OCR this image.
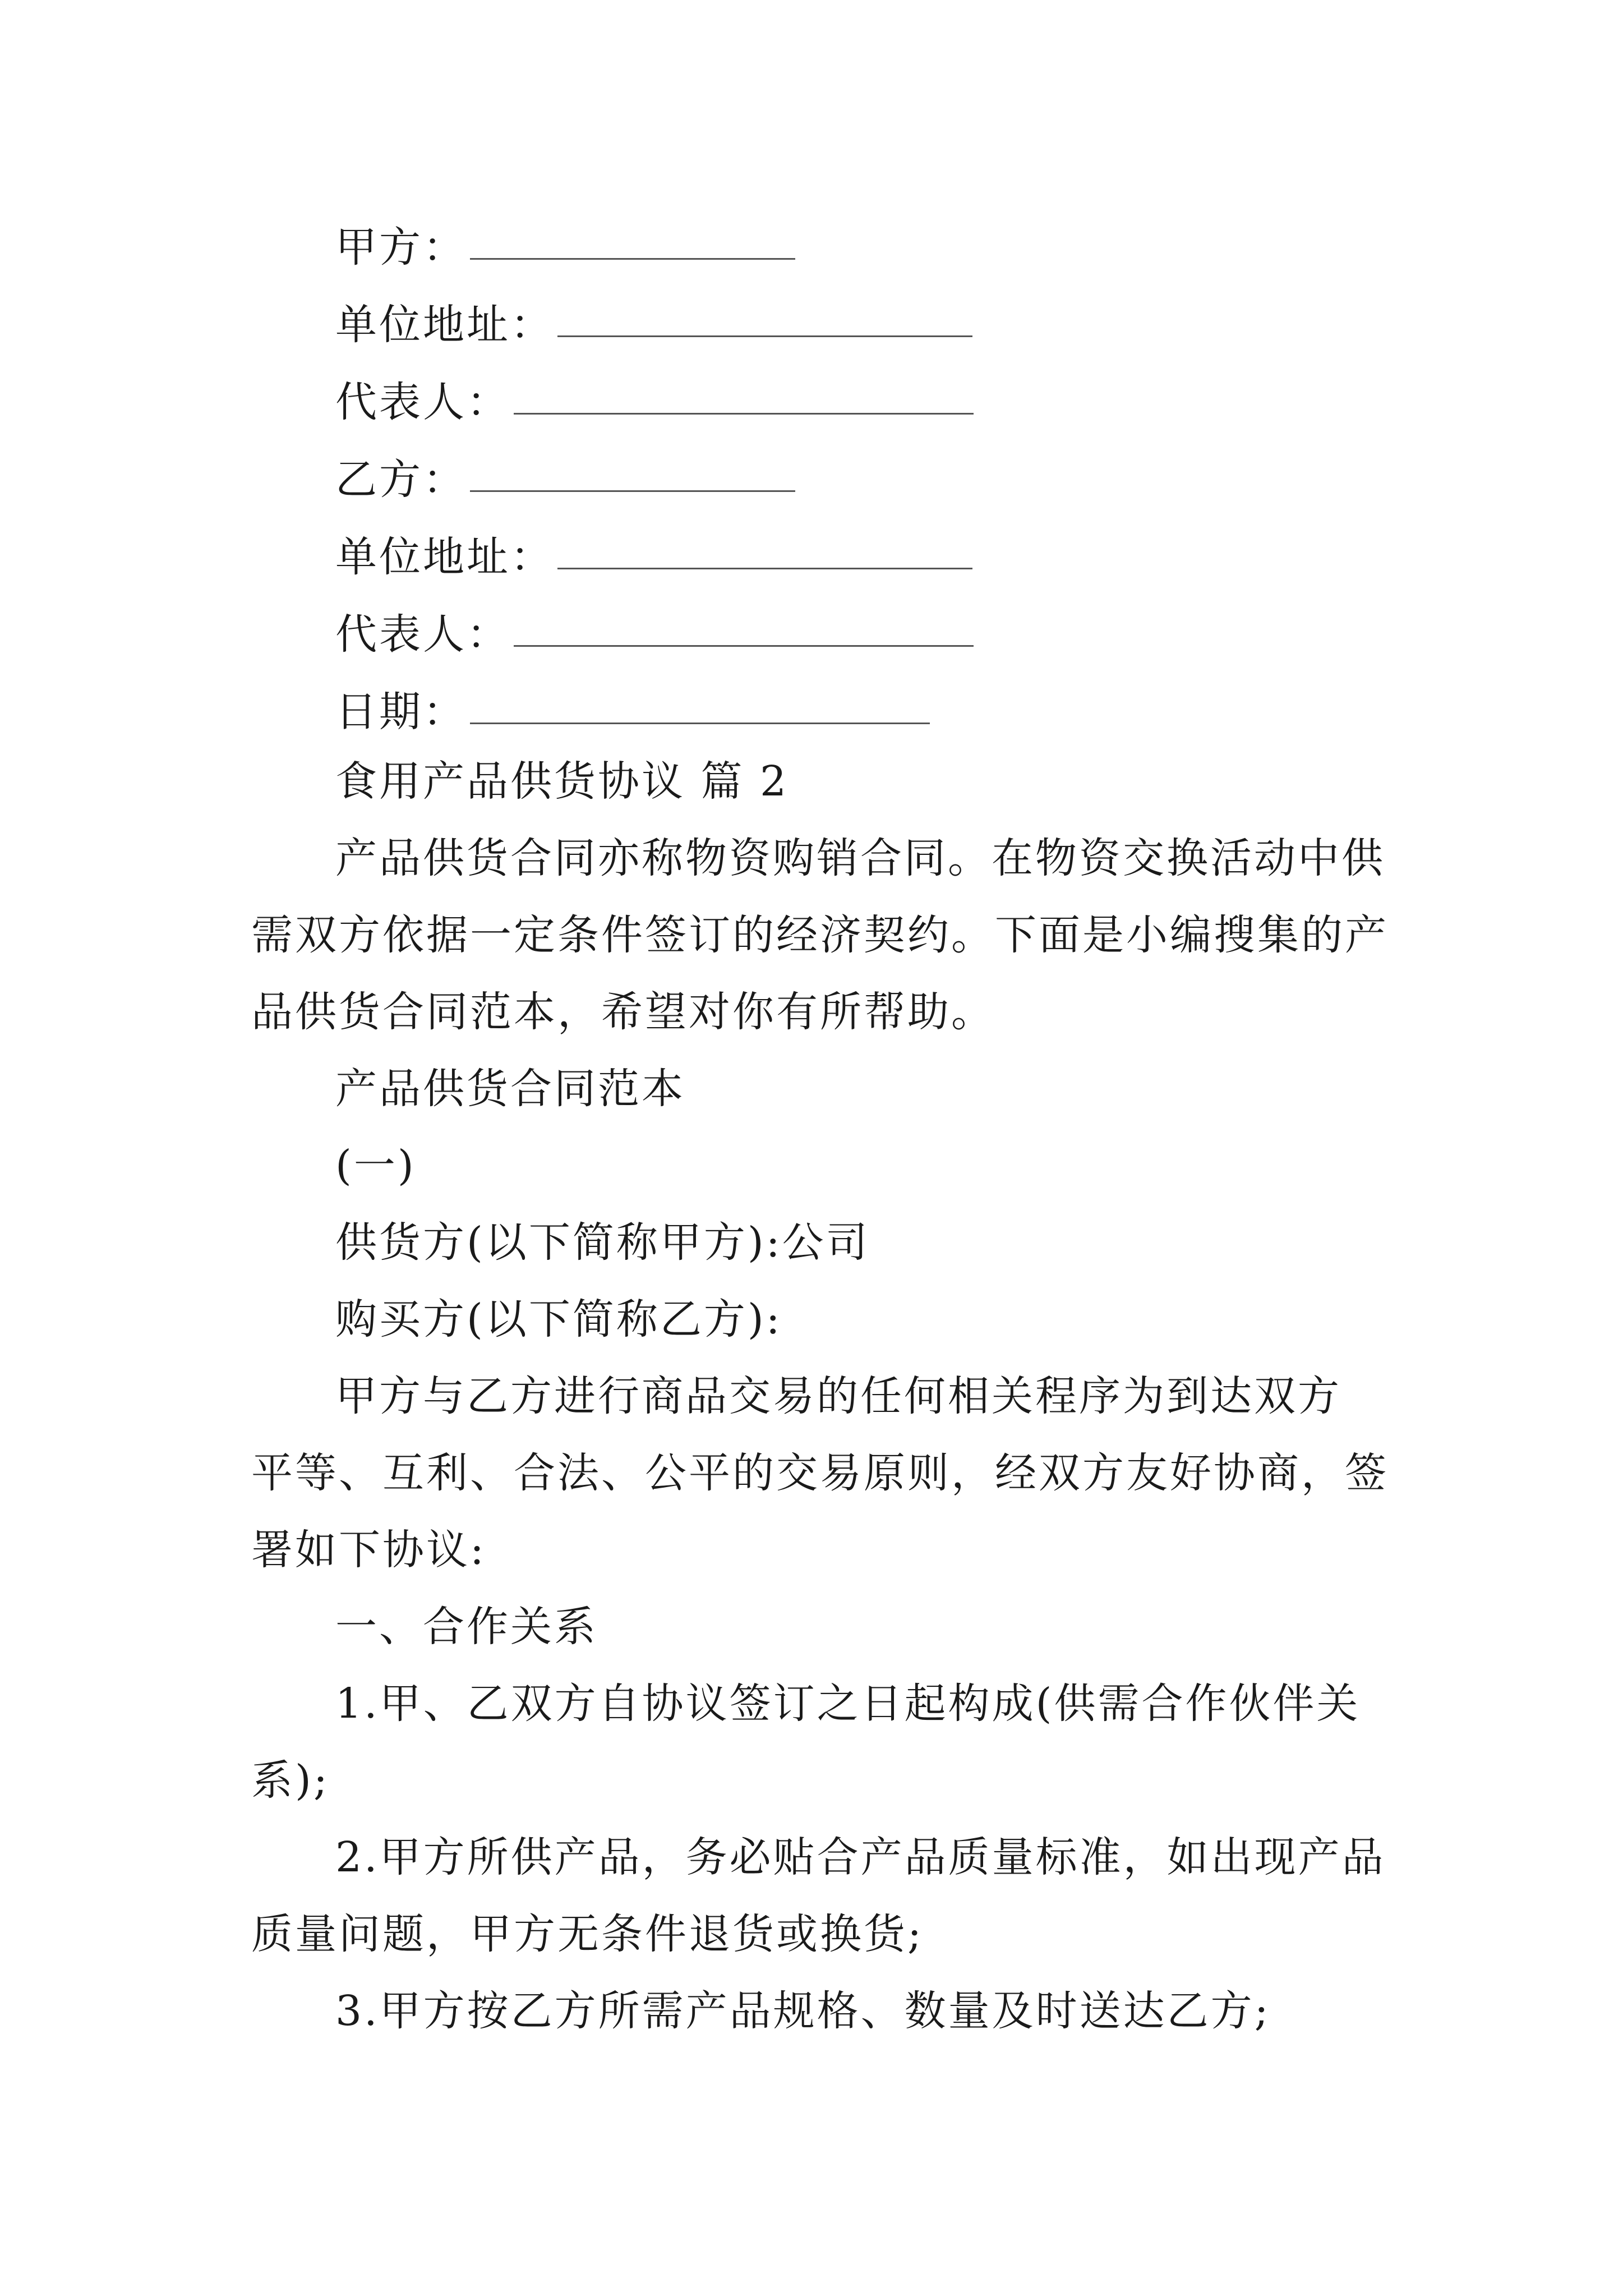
甲方：
单位地址：
代表人：
乙方：
单位地址：
代表人：
日期：
食用产品供货协议 篇 2
产品供货合同亦称物资购销合同。在物资交换活动中供
需双方依据一定条件签订的经济契约。下面是小编搜集的产
品供货合同范本，希望对你有所帮助。
产品供货合同范本
(一)
供货方(以下简称甲方):公司
购买方(以下简称乙方):
甲方与乙方进行商品交易的任何相关程序为到达双方
平等、互利、合法、公平的交易原则，经双方友好协商，签
署如下协议:
一、合作关系
1.甲、乙双方自协议签订之日起构成(供需合作伙伴关
系);
2.甲方所供产品，务必贴合产品质量标准，如出现产品
质量问题，甲方无条件退货或换货;
3.甲方按乙方所需产品规格、数量及时送达乙方;
